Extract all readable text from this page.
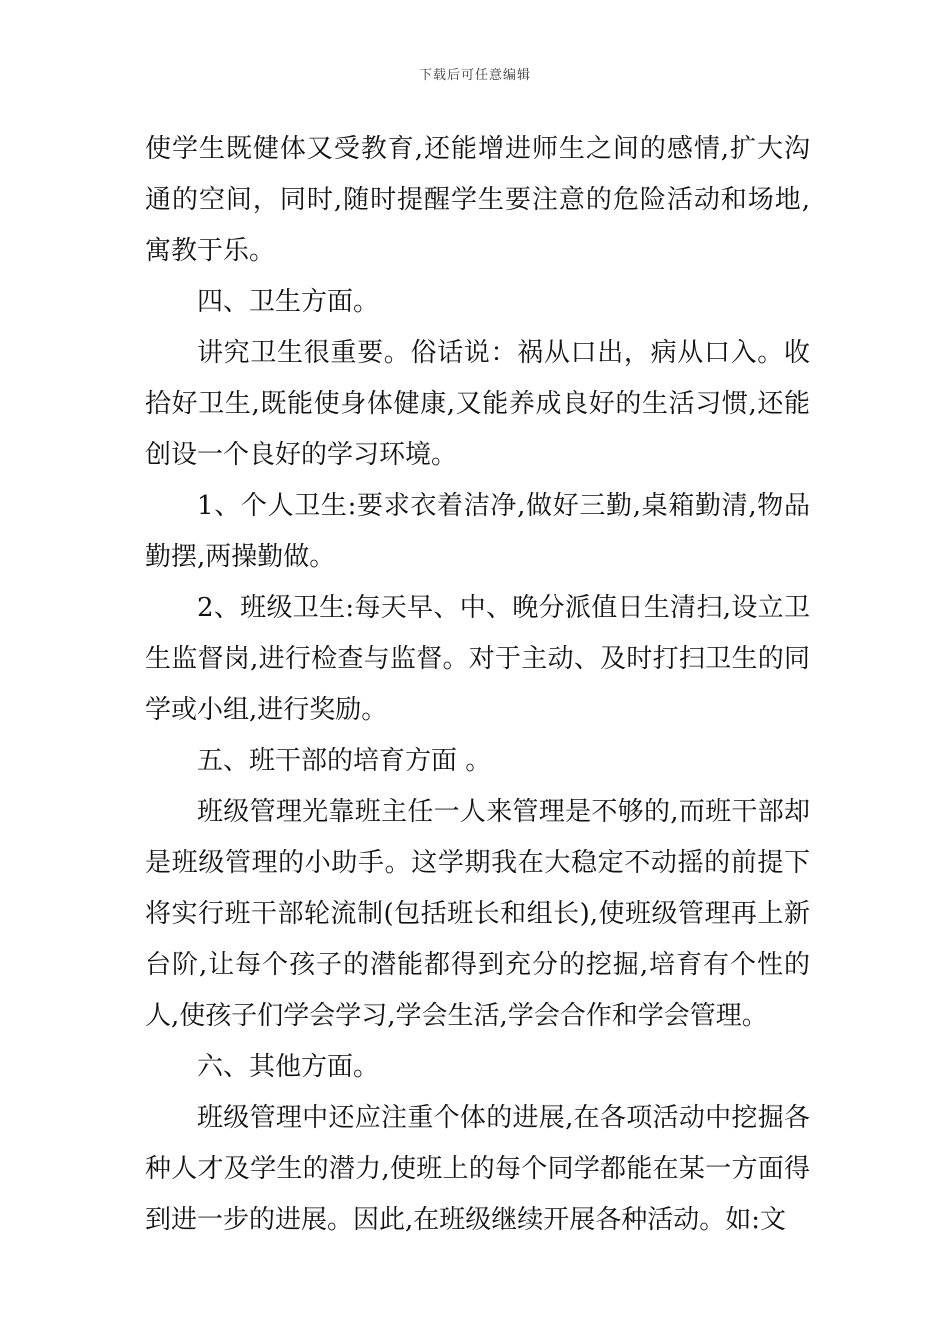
下载后可任意编辑

使学生既健体又受教育,还能增进师生之间的感情,扩大沟通的空间，同时,随时提醒学生要注意的危险活动和场地,寓教于乐。

四、卫生方面。

讲究卫生很重要。俗话说：祸从口出，病从口入。收拾好卫生,既能使身体健康,又能养成良好的生活习惯,还能创设一个良好的学习环境。

1、个人卫生:要求衣着洁净,做好三勤,桌箱勤清,物品勤摆,两操勤做。

2、班级卫生:每天早、中、晚分派值日生清扫,设立卫生监督岗,进行检查与监督。对于主动、及时打扫卫生的同学或小组,进行奖励。

五、班干部的培育方面 。

班级管理光靠班主任一人来管理是不够的,而班干部却是班级管理的小助手。这学期我在大稳定不动摇的前提下将实行班干部轮流制(包括班长和组长),使班级管理再上新台阶,让每个孩子的潜能都得到充分的挖掘,培育有个性的人,使孩子们学会学习,学会生活,学会合作和学会管理。

六、其他方面。

班级管理中还应注重个体的进展,在各项活动中挖掘各种人才及学生的潜力,使班上的每个同学都能在某一方面得到进一步的进展。因此,在班级继续开展各种活动。如:文
